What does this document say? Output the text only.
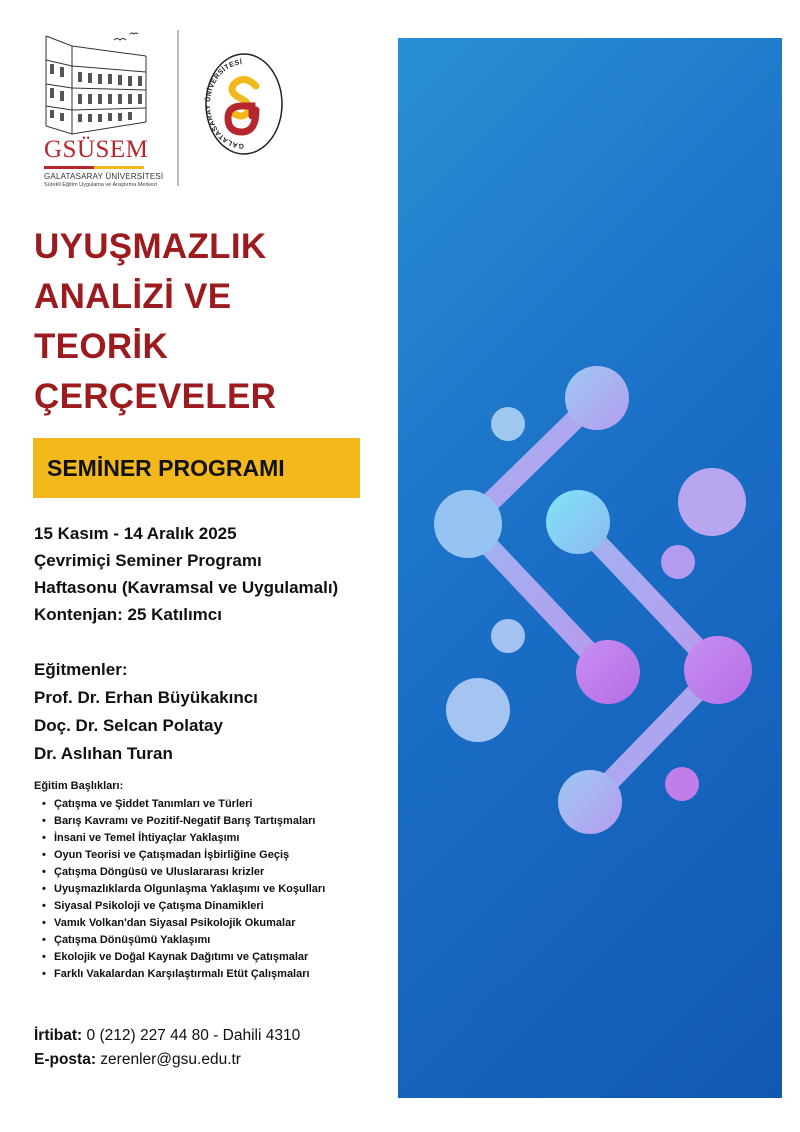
GSÜSEM
GALATASARAY ÜNİVERSİTESİ
Sürekli Eğitim Uygulama ve Araştırma Merkezi
GALATASARAY ÜNİVERSİTESİ
UYUŞMAZLIK
ANALİZİ VE
TEORİK
ÇERÇEVELER
SEMİNER PROGRAMI
15 Kasım - 14 Aralık 2025
Çevrimiçi Seminer Programı
Haftasonu (Kavramsal ve Uygulamalı)
Kontenjan: 25 Katılımcı
Eğitmenler:
Prof. Dr. Erhan Büyükakıncı
Doç. Dr. Selcan Polatay
Dr. Aslıhan Turan
Eğitim Başlıkları:
• Çatışma ve Şiddet Tanımları ve Türleri
• Barış Kavramı ve Pozitif-Negatif Barış Tartışmaları
• İnsani ve Temel İhtiyaçlar Yaklaşımı
• Oyun Teorisi ve Çatışmadan İşbirliğine Geçiş
• Çatışma Döngüsü ve Uluslararası krizler
• Uyuşmazlıklarda Olgunlaşma Yaklaşımı ve Koşulları
• Siyasal Psikoloji ve Çatışma Dinamikleri
• Vamık Volkan'dan Siyasal Psikolojik Okumalar
• Çatışma Dönüşümü Yaklaşımı
• Ekolojik ve Doğal Kaynak Dağıtımı ve Çatışmalar
• Farklı Vakalardan Karşılaştırmalı Etüt Çalışmaları
İrtibat: 0 (212) 227 44 80 - Dahili 4310
E-posta: zerenler@gsu.edu.tr
